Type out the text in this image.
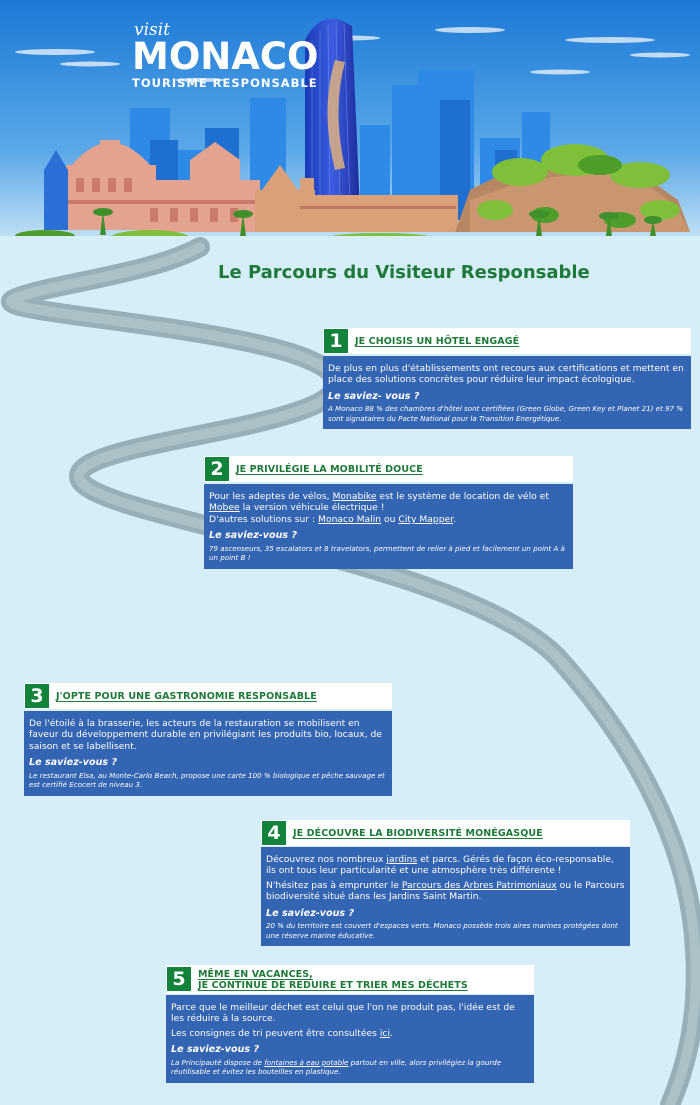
visit
MONACO
TOURISME RESPONSABLE
Le Parcours du Visiteur Responsable
1	JE CHOISIS UN HÔTEL ENGAGÉ

De plus en plus d'établissements ont recours aux certifications et mettent en place des solutions concrètes pour réduire leur impact écologique.

Le saviez- vous ?

A Monaco 88 % des chambres d'hôtel sont certifiées (Green Globe, Green Key et Planet 21) et 97 % sont signataires du Pacte National pour la Transition Energétique.

2	JE PRIVILÉGIE LA MOBILITÉ DOUCE

Pour les adeptes de vélos, Monabike est le système de location de vélo et Mobee la version véhicule électrique !

D'autres solutions sur : Monaco Malin ou City Mapper.

Le saviez-vous ?

79 ascenseurs, 35 escalators et 8 travelators, permettent de relier à pied et facilement un point A à un point B !

3	J'OPTE POUR UNE GASTRONOMIE RESPONSABLE

De l'étoilé à la brasserie, les acteurs de la restauration se mobilisent en faveur du développement durable en privilégiant les produits bio, locaux, de saison et se labellisent.

Le saviez-vous ?

Le restaurant Elsa, au Monte-Carlo Beach, propose une carte 100 % biologique et pêche sauvage et est certifié Ecocert de niveau 3.

4	JE DÉCOUVRE LA BIODIVERSITÉ MONÉGASQUE

Découvrez nos nombreux jardins et parcs. Gérés de façon éco-responsable, ils ont tous leur particularité et une atmosphère très différente !

N'hésitez pas à emprunter le Parcours des Arbres Patrimoniaux ou le Parcours biodiversité situé dans les Jardins Saint Martin.

Le saviez-vous ?

20 % du territoire est couvert d'espaces verts. Monaco possède trois aires marines protégées dont une réserve marine éducative.

5	MÊME EN VACANCES,
JE CONTINUE DE RÉDUIRE ET TRIER MES DÉCHETS

Parce que le meilleur déchet est celui que l'on ne produit pas, l'idée est de les réduire à la source.

Les consignes de tri peuvent être consultées ici.

Le saviez-vous ?

La Principauté dispose de fontaines à eau potable partout en ville, alors privilégiez la gourde réutilisable et évitez les bouteilles en plastique.
